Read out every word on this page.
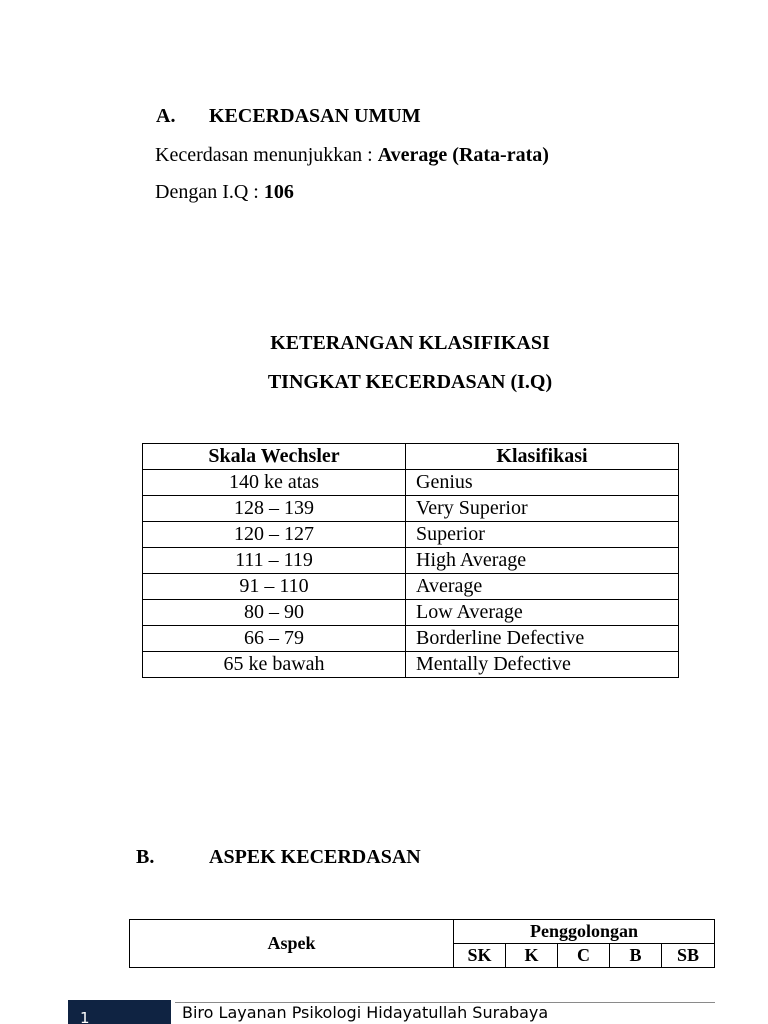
A. KECERDASAN UMUM
Kecerdasan menunjukkan : Average (Rata-rata)
Dengan I.Q : 106
KETERANGAN KLASIFIKASI
TINGKAT KECERDASAN (I.Q)
Skala Wechsler	Klasifikasi
140 ke atas	Genius
128 – 139	Very Superior
120 – 127	Superior
111 – 119	High Average
91 – 110	Average
80 – 90	Low Average
66 – 79	Borderline Defective
65 ke bawah	Mentally Defective
B.	ASPEK KECERDASAN
Aspek	Penggolongan				
	SK	K	C	B	SB
1	Biro Layanan Psikologi Hidayatullah Surabaya
